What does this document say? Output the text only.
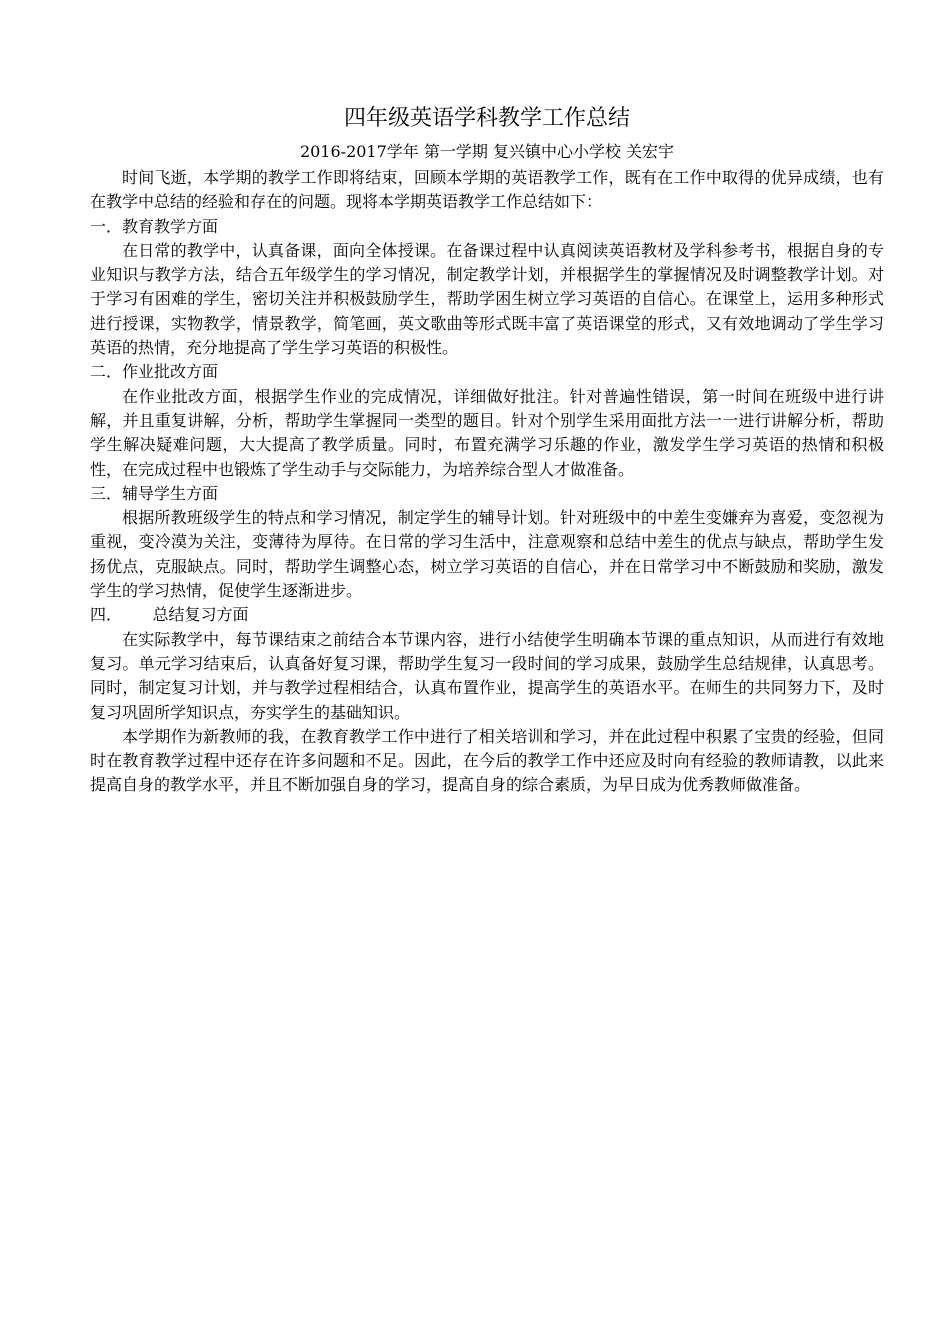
四年级英语学科教学工作总结
2016-2017学年 第一学期 复兴镇中心小学校 关宏宇

时间飞逝，本学期的教学工作即将结束，回顾本学期的英语教学工作，既有在工作中取得的优异成绩，也有在教学中总结的经验和存在的问题。现将本学期英语教学工作总结如下：

一．教育教学方面

在日常的教学中，认真备课，面向全体授课。在备课过程中认真阅读英语教材及学科参考书，根据自身的专业知识与教学方法，结合五年级学生的学习情况，制定教学计划，并根据学生的掌握情况及时调整教学计划。对于学习有困难的学生，密切关注并积极鼓励学生，帮助学困生树立学习英语的自信心。在课堂上，运用多种形式进行授课，实物教学，情景教学，简笔画，英文歌曲等形式既丰富了英语课堂的形式，又有效地调动了学生学习英语的热情，充分地提高了学生学习英语的积极性。

二．作业批改方面

在作业批改方面，根据学生作业的完成情况，详细做好批注。针对普遍性错误，第一时间在班级中进行讲解，并且重复讲解，分析，帮助学生掌握同一类型的题目。针对个别学生采用面批方法一一进行讲解分析，帮助学生解决疑难问题，大大提高了教学质量。同时，布置充满学习乐趣的作业，激发学生学习英语的热情和积极性，在完成过程中也锻炼了学生动手与交际能力，为培养综合型人才做准备。

三．辅导学生方面

根据所教班级学生的特点和学习情况，制定学生的辅导计划。针对班级中的中差生变嫌弃为喜爱，变忽视为重视，变冷漠为关注，变薄待为厚待。在日常的学习生活中，注意观察和总结中差生的优点与缺点，帮助学生发扬优点，克服缺点。同时，帮助学生调整心态，树立学习英语的自信心，并在日常学习中不断鼓励和奖励，激发学生的学习热情，促使学生逐渐进步。

四．      总结复习方面

在实际教学中，每节课结束之前结合本节课内容，进行小结使学生明确本节课的重点知识，从而进行有效地复习。单元学习结束后，认真备好复习课，帮助学生复习一段时间的学习成果，鼓励学生总结规律，认真思考。同时，制定复习计划，并与教学过程相结合，认真布置作业，提高学生的英语水平。在师生的共同努力下，及时复习巩固所学知识点，夯实学生的基础知识。

本学期作为新教师的我，在教育教学工作中进行了相关培训和学习，并在此过程中积累了宝贵的经验，但同时在教育教学过程中还存在许多问题和不足。因此，在今后的教学工作中还应及时向有经验的教师请教，以此来提高自身的教学水平，并且不断加强自身的学习，提高自身的综合素质，为早日成为优秀教师做准备。
